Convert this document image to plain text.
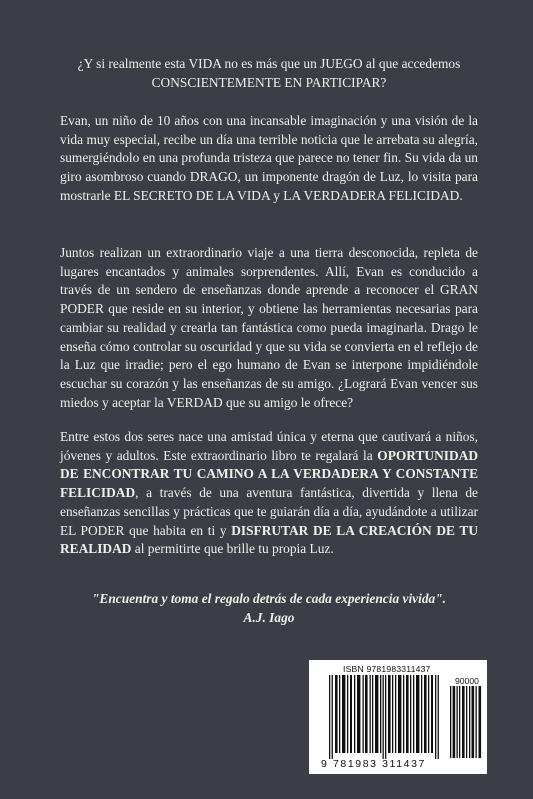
¿Y si realmente esta VIDA no es más que un JUEGO al que accedemos CONSCIENTEMENTE EN PARTICIPAR?

Evan, un niño de 10 años con una incansable imaginación y una visión de la vida muy especial, recibe un día una terrible noticia que le arrebata su alegría, sumergiéndolo en una profunda tristeza que parece no tener fin. Su vida da un giro asombroso cuando DRAGO, un imponente dragón de Luz, lo visita para mostrarle EL SECRETO DE LA VIDA y LA VERDADERA FELICIDAD.

Juntos realizan un extraordinario viaje a una tierra desconocida, repleta de lugares encantados y animales sorprendentes. Allí, Evan es conducido a través de un sendero de enseñanzas donde aprende a reconocer el GRAN PODER que reside en su interior, y obtiene las herramientas necesarias para cambiar su realidad y crearla tan fantástica como pueda imaginarla. Drago le enseña cómo controlar su oscuridad y que su vida se convierta en el reflejo de la Luz que irradie; pero el ego humano de Evan se interpone impidiéndole escuchar su corazón y las enseñanzas de su amigo. ¿Logrará Evan vencer sus miedos y aceptar la VERDAD que su amigo le ofrece?

Entre estos dos seres nace una amistad única y eterna que cautivará a niños, jóvenes y adultos. Este extraordinario libro te regalará la OPORTUNIDAD DE ENCONTRAR TU CAMINO A LA VERDADERA Y CONSTANTE FELICIDAD, a través de una aventura fantástica, divertida y llena de enseñanzas sencillas y prácticas que te guiarán día a día, ayudándote a utilizar EL PODER que habita en ti y DISFRUTAR DE LA CREACIÓN DE TU REALIDAD al permitirte que brille tu propia Luz.

"Encuentra y toma el regalo detrás de cada experiencia vivida".
A.J. Iago
ISBN 9781983311437
90000
9 781983 311437
